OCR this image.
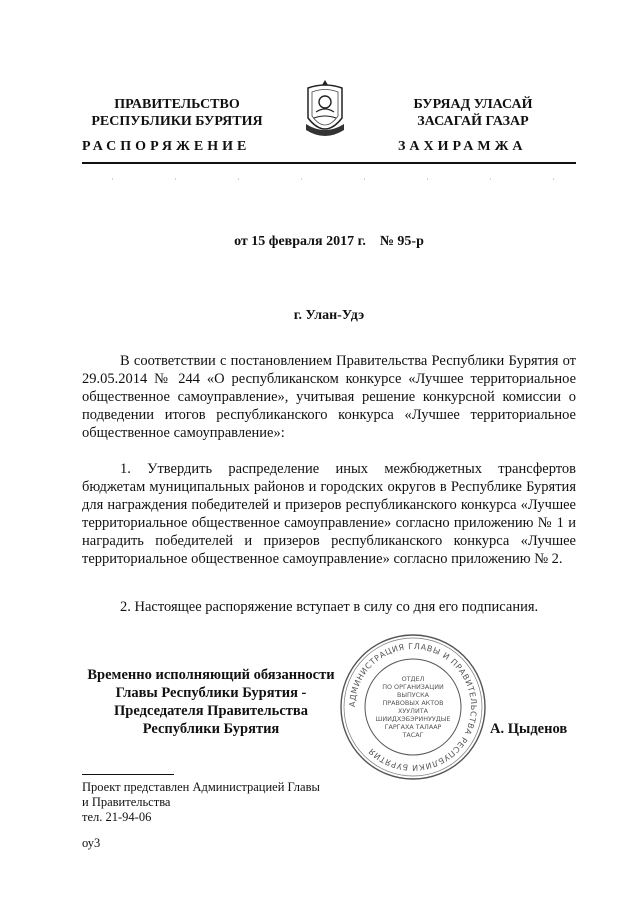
ПРАВИТЕЛЬСТВО
РЕСПУБЛИКИ БУРЯТИЯ
БУРЯАД УЛАСАЙ
ЗАСАГАЙ ГАЗАР
РАСПОРЯЖЕНИЕ	ЗАХИРАМЖА
от 15 февраля 2017 г.    № 95-р
г. Улан-Удэ
В соответствии с постановлением Правительства Республики Бурятия от 29.05.2014 № 244 «О республиканском конкурсе «Лучшее территориальное общественное самоуправление», учитывая решение конкурсной комиссии о подведении итогов республиканского конкурса «Лучшее территориальное общественное самоуправление»:
1. Утвердить распределение иных межбюджетных трансфертов бюджетам муниципальных районов и городских округов в Республике Бурятия для награждения победителей и призеров республиканского конкурса «Лучшее территориальное общественное самоуправление» согласно приложению № 1 и наградить победителей и призеров республиканского конкурса «Лучшее территориальное общественное самоуправление» согласно приложению № 2.
2. Настоящее распоряжение вступает в силу со дня его подписания.
Временно исполняющий обязанности
Главы Республики Бурятия -
Председателя Правительства
Республики Бурятия	А. Цыденов
АДМИНИСТРАЦИЯ ГЛАВЫ И ПРАВИТЕЛЬСТВА РЕСПУБЛИКИ БУРЯТИЯ
ОТДЕЛ
ПО ОРГАНИЗАЦИИ
ВЫПУСКА
ПРАВОВЫХ АКТОВ
ХУУЛИТА
ШИИДХЭБЭРИНУУДЫЕ
ГАРГАХА ТАЛААР
ТАСАГ
Проект представлен Администрацией Главы
и Правительства
тел. 21-94-06
оу3
